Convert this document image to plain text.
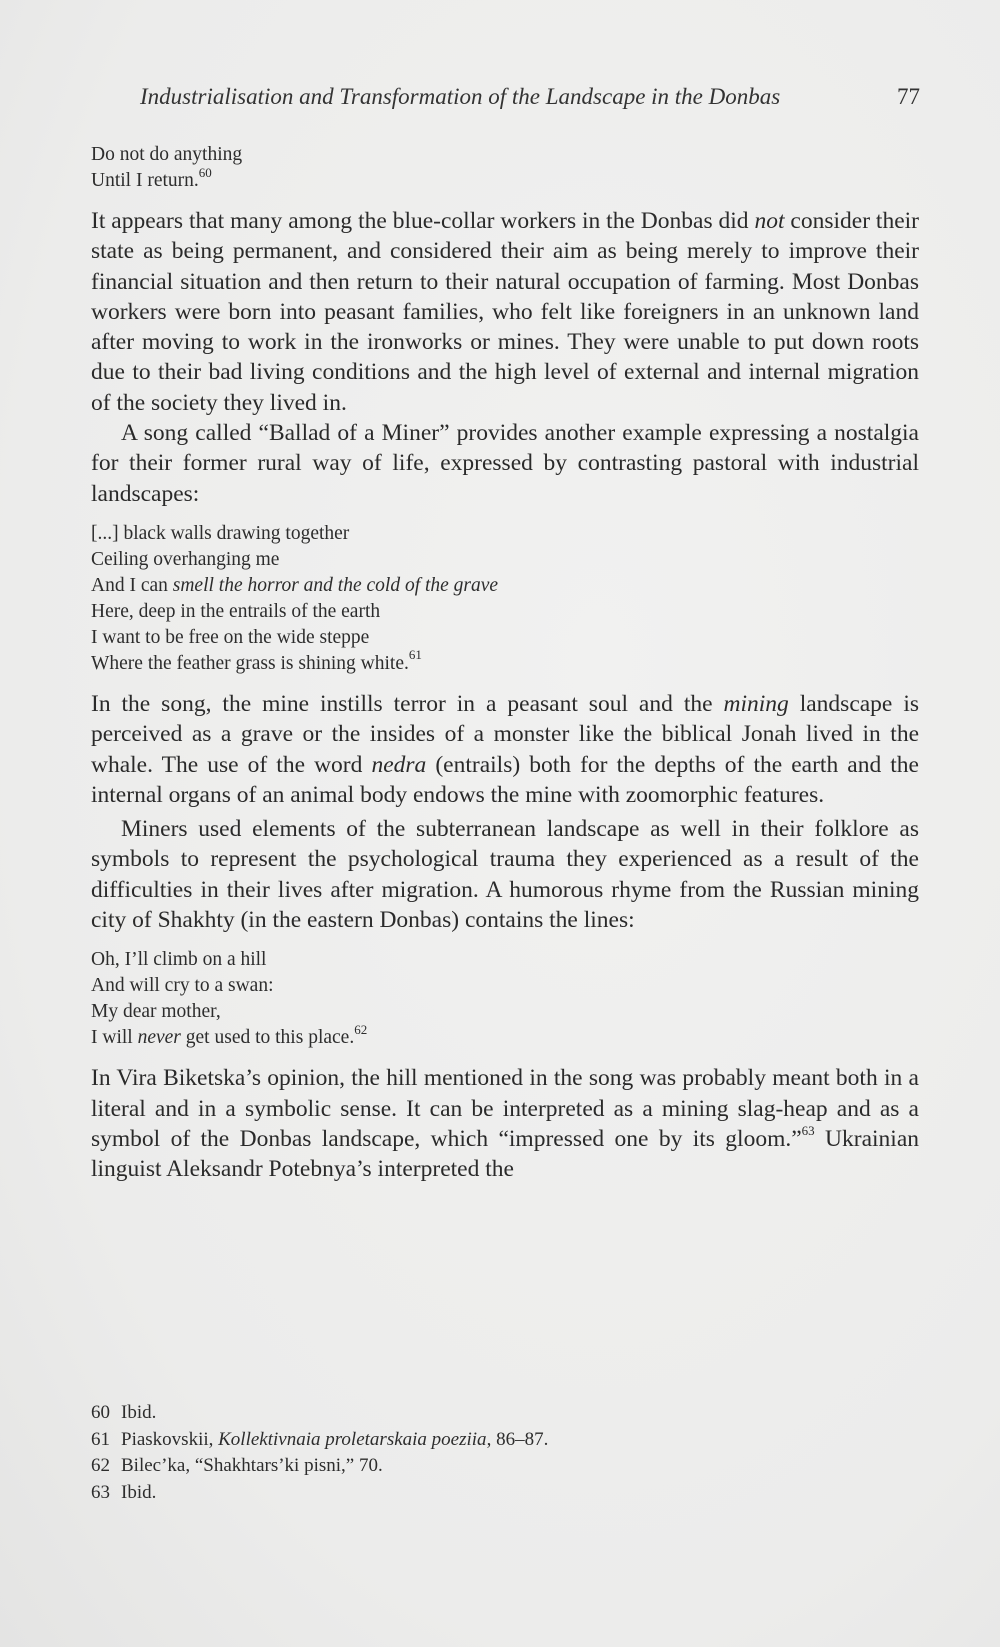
Industrialisation and Transformation of the Landscape in the Donbas	77
Do not do anything
Until I return.$^{60}$

It appears that many among the blue-collar workers in the Donbas did not consider their state as being permanent, and considered their aim as being merely to improve their financial situation and then return to their natural occupation of farming. Most Donbas workers were born into peasant families, who felt like foreigners in an unknown land after moving to work in the ironworks or mines. They were unable to put down roots due to their bad living conditions and the high level of external and internal migration of the society they lived in.

A song called “Ballad of a Miner” provides another example expressing a nostalgia for their former rural way of life, expressed by contrasting pastoral with industrial landscapes:

[...] black walls drawing together
Ceiling overhanging me
And I can smell the horror and the cold of the grave
Here, deep in the entrails of the earth
I want to be free on the wide steppe
Where the feather grass is shining white.$^{61}$

In the song, the mine instills terror in a peasant soul and the mining landscape is perceived as a grave or the insides of a monster like the biblical Jonah lived in the whale. The use of the word nedra (entrails) both for the depths of the earth and the internal organs of an animal body endows the mine with zoomorphic features.

Miners used elements of the subterranean landscape as well in their folklore as symbols to represent the psychological trauma they experienced as a result of the difficulties in their lives after migration. A humorous rhyme from the Russian mining city of Shakhty (in the eastern Donbas) contains the lines:

Oh, I’ll climb on a hill
And will cry to a swan:
My dear mother,
I will never get used to this place.$^{62}$

In Vira Biketska’s opinion, the hill mentioned in the song was probably meant both in a literal and in a symbolic sense. It can be interpreted as a mining slag-heap and as a symbol of the Donbas landscape, which “impressed one by its gloom.”$^{63}$ Ukrainian linguist Aleksandr Potebnya’s interpreted the

60 Ibid.
61 Piaskovskii, Kollektivnaia proletarskaia poeziia, 86–87.
62 Bilec’ka, “Shakhtars’ki pisni,” 70.
63 Ibid.
